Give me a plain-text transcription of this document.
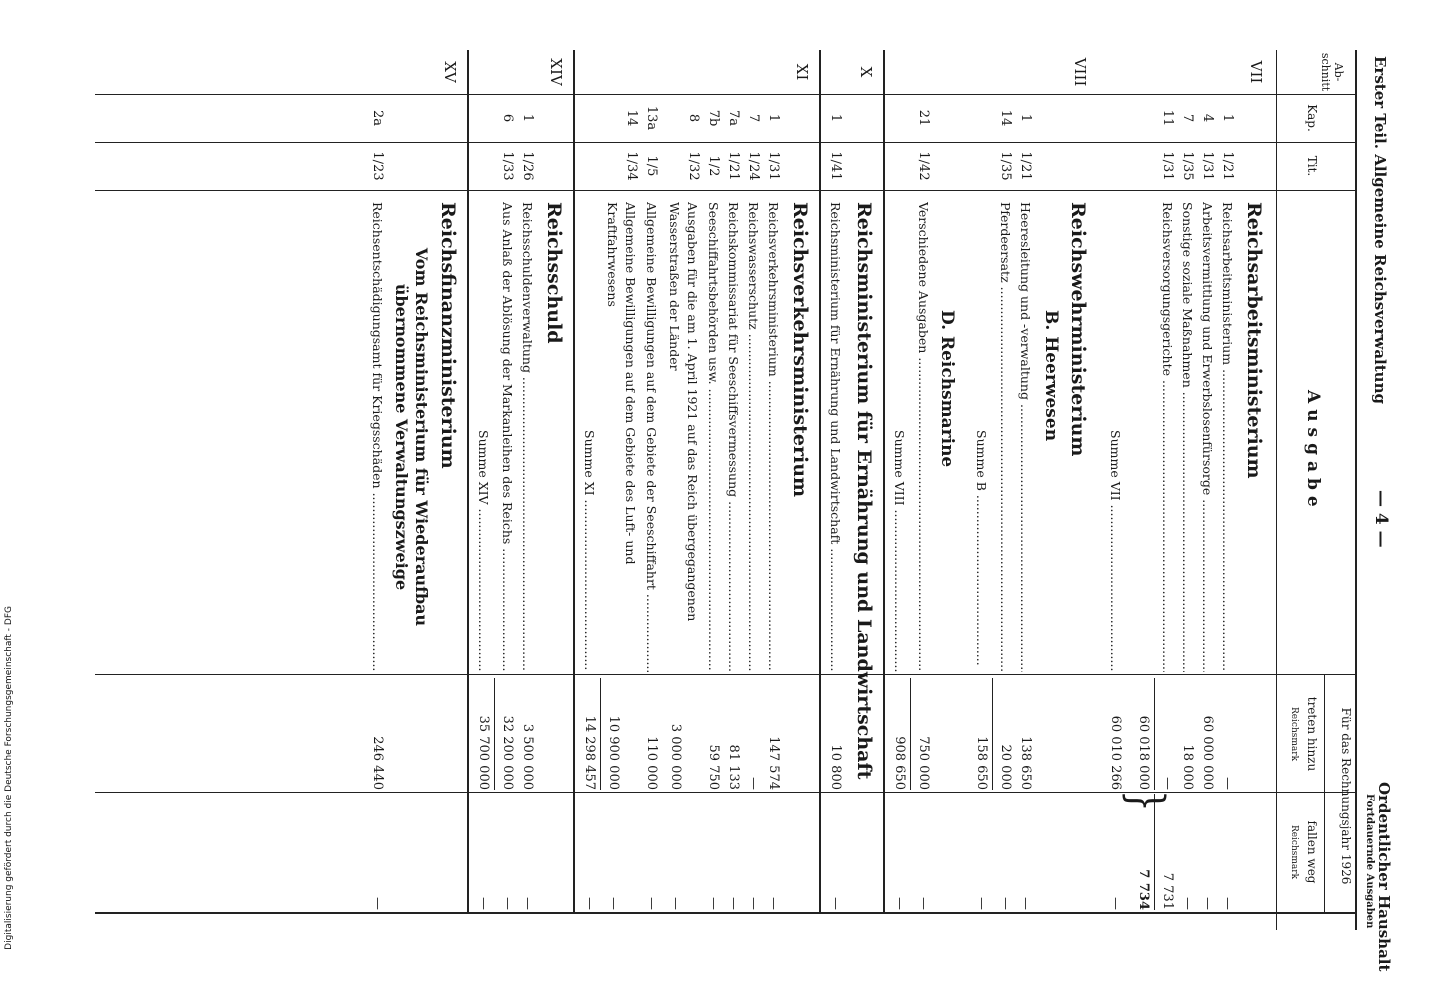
Erster Teil. Allgemeine Reichsverwaltung
— 4 —
Ordentlicher Haushalt
Fortdauernde Ausgaben
Ab-schnitt
Kap.
Tit.
Ausgabe
Für das Rechnungsjahr 1926
treten hinzu
fallen weg
Reichsmark
Reichsmark
VII
Reichsarbeitsministerium
1
1/21
Reichsarbeitsministerium .....
—
—
4
1/31
Arbeitsvermittlung und Erwerbslosenfürsorge .....
60 000 000
—
7
1/35
Sonstige soziale Maßnahmen .....
18 000
—
11
1/31
Reichsversorgungsgerichte .....
—
7 731
60 018 000
7 734
}
Summe VII .....
60 010 266
—
VIII
Reichswehrministerium
B. Heerwesen
1
1/21
Heeresleitung und -verwaltung .....
138 650
—
14
1/35
Pferdeersatz .....
20 000
—
Summe B .....
158 650
—
D. Reichsmarine
21
1/42
Verschiedene Ausgaben .....
750 000
—
Summe VIII .....
908 650
—
X
Reichsministerium für Ernährung und Landwirtschaft
1
1/41
Reichsministerium für Ernährung und Landwirtschaft .....
10 800
—
XI
Reichsverkehrsministerium
1
1/31
Reichsverkehrsministerium .....
147 574
—
7
1/24
Reichswasserschutz .....
—
—
7a
1/21
Reichskommissariat für Seeschiffsvermessung .....
81 133
—
7b
1/2
Seeschiffahrtsbehörden usw. .....
59 750
—
8
1/32
Ausgaben für die am 1. April 1921 auf das Reich übergegangenen Wasserstraßen der Länder
3 000 000
—
13a
1/5
Allgemeine Bewilligungen auf dem Gebiete der Seeschiffahrt .....
110 000
—
14
1/34
Allgemeine Bewilligungen auf dem Gebiete des Luft- und Kraftfahrwesens
10 900 000
—
Summe XI .....
14 298 457
—
XIV
Reichsschuld
1
1/26
Reichsschuldenverwaltung .....
3 500 000
—
6
1/33
Aus Anlaß der Ablösung der Markanleihen des Reichs .....
32 200 000
—
Summe XIV .....
35 700 000
—
XV
Reichsfinanzministerium
Vom Reichsministerium für Wiederaufbau übernommene Verwaltungszweige
2a
1/23
Reichsentschädigungsamt für Kriegsschäden .....
246 440
—
Digitalisierung gefördert durch die Deutsche Forschungsgemeinschaft - DFG
